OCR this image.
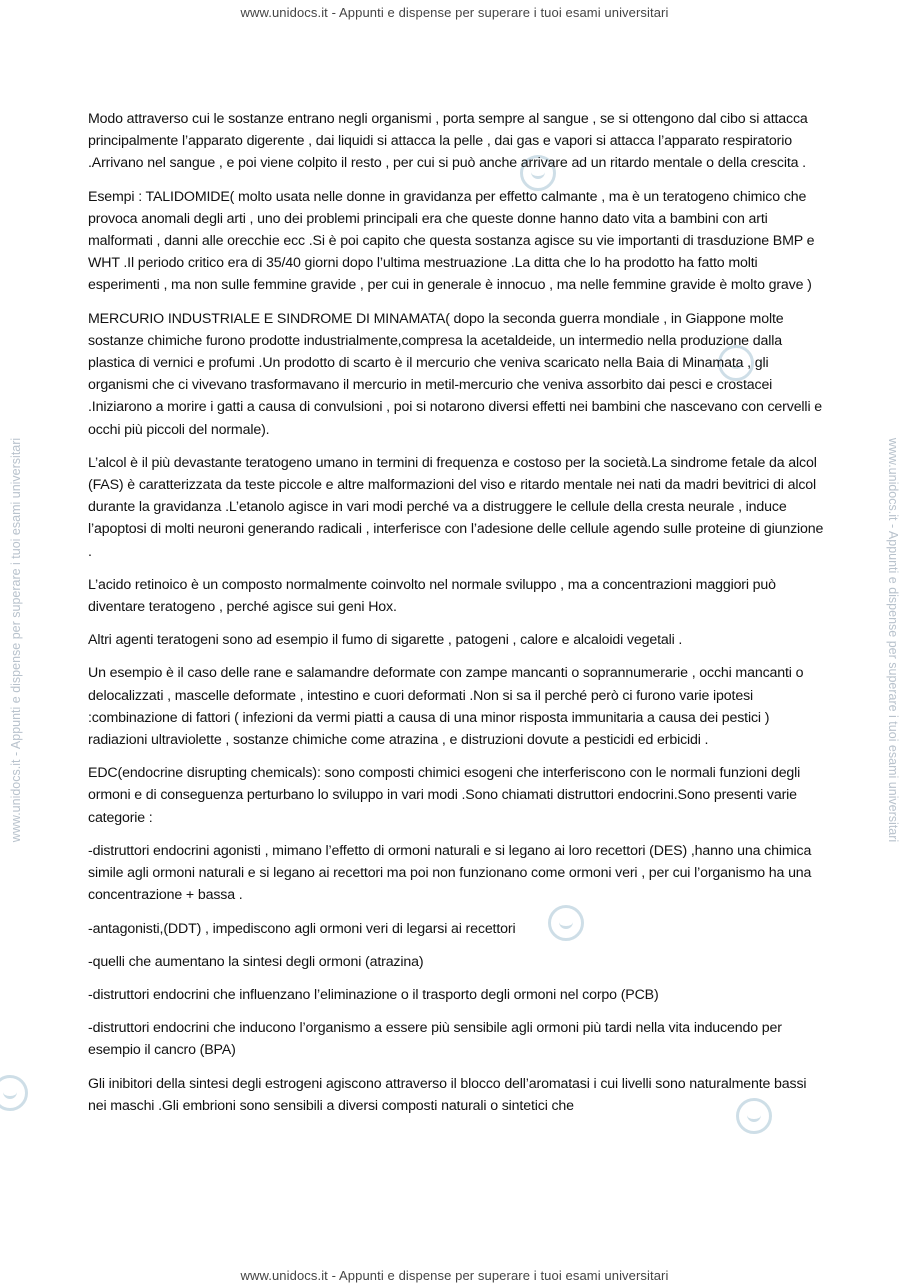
www.unidocs.it - Appunti e dispense per superare i tuoi esami universitari
www.unidocs.it - Appunti e dispense per superare i tuoi esami universitari	www.unidocs.it - Appunti e dispense per superare i tuoi esami universitari

Modo attraverso cui le sostanze entrano negli organismi , porta sempre al sangue , se si ottengono dal cibo si attacca principalmente l’apparato digerente , dai liquidi si attacca la pelle , dai gas e vapori si attacca l’apparato respiratorio .Arrivano nel sangue , e poi viene colpito il resto , per cui si può anche arrivare ad un ritardo mentale o della crescita .

Esempi : TALIDOMIDE( molto usata nelle donne in gravidanza per effetto calmante , ma è un teratogeno chimico che provoca anomali degli arti , uno dei problemi principali era che queste donne hanno dato vita a bambini con arti malformati , danni alle orecchie ecc .Si è poi capito che questa sostanza agisce su vie importanti di trasduzione BMP e WHT .Il periodo critico era di 35/40 giorni dopo l’ultima mestruazione .La ditta che lo ha prodotto ha fatto molti esperimenti , ma non sulle femmine gravide , per cui in generale è innocuo , ma nelle femmine gravide è molto grave )

MERCURIO INDUSTRIALE E SINDROME DI MINAMATA( dopo la seconda guerra mondiale , in Giappone molte sostanze chimiche furono prodotte industrialmente,compresa la acetaldeide, un intermedio nella produzione dalla plastica di vernici e profumi .Un prodotto di scarto è il mercurio che veniva scaricato nella Baia di Minamata , gli organismi che ci vivevano trasformavano il mercurio in metil-mercurio che veniva assorbito dai pesci e crostacei .Iniziarono a morire i gatti a causa di convulsioni , poi si notarono diversi effetti nei bambini che nascevano con cervelli e occhi più piccoli del normale).

L’alcol è il più devastante teratogeno umano in termini di frequenza e costoso per la società.La sindrome fetale da alcol (FAS) è caratterizzata da teste piccole e altre malformazioni del viso e ritardo mentale nei nati da madri bevitrici di alcol durante la gravidanza .L’etanolo agisce in vari modi perché va a distruggere le cellule della cresta neurale , induce l’apoptosi di molti neuroni generando radicali , interferisce con l’adesione delle cellule agendo sulle proteine di giunzione .

L’acido retinoico è un composto normalmente coinvolto nel normale sviluppo , ma a concentrazioni maggiori può diventare teratogeno , perché agisce sui geni Hox.

Altri agenti teratogeni sono ad esempio il fumo di sigarette , patogeni , calore e alcaloidi vegetali .

Un esempio è il caso delle rane e salamandre deformate con zampe mancanti o soprannumerarie , occhi mancanti o delocalizzati , mascelle deformate , intestino e cuori deformati .Non si sa il perché però ci furono varie ipotesi :combinazione di fattori ( infezioni da vermi piatti a causa di una minor risposta immunitaria a causa dei pestici ) radiazioni ultraviolette , sostanze chimiche come atrazina , e distruzioni dovute a pesticidi ed erbicidi .

EDC(endocrine disrupting chemicals): sono composti chimici esogeni che interferiscono con le normali funzioni degli ormoni e di conseguenza perturbano lo sviluppo in vari modi .Sono chiamati distruttori endocrini.Sono presenti varie categorie :

-distruttori endocrini agonisti , mimano l’effetto di ormoni naturali e si legano ai loro recettori (DES) ,hanno una chimica simile agli ormoni naturali e si legano ai recettori ma poi non funzionano come ormoni veri , per cui l’organismo ha una concentrazione + bassa .

-antagonisti,(DDT) , impediscono agli ormoni veri di legarsi ai recettori

-quelli che aumentano la sintesi degli ormoni (atrazina)

-distruttori endocrini che influenzano l’eliminazione o il trasporto degli ormoni nel corpo (PCB)

-distruttori endocrini che inducono l’organismo a essere più sensibile agli ormoni più tardi nella vita inducendo per esempio il cancro (BPA)

Gli inibitori della sintesi degli estrogeni agiscono attraverso il blocco dell’aromatasi i cui livelli sono naturalmente bassi nei maschi .Gli embrioni sono sensibili a diversi composti naturali o sintetici che

www.unidocs.it - Appunti e dispense per superare i tuoi esami universitari
